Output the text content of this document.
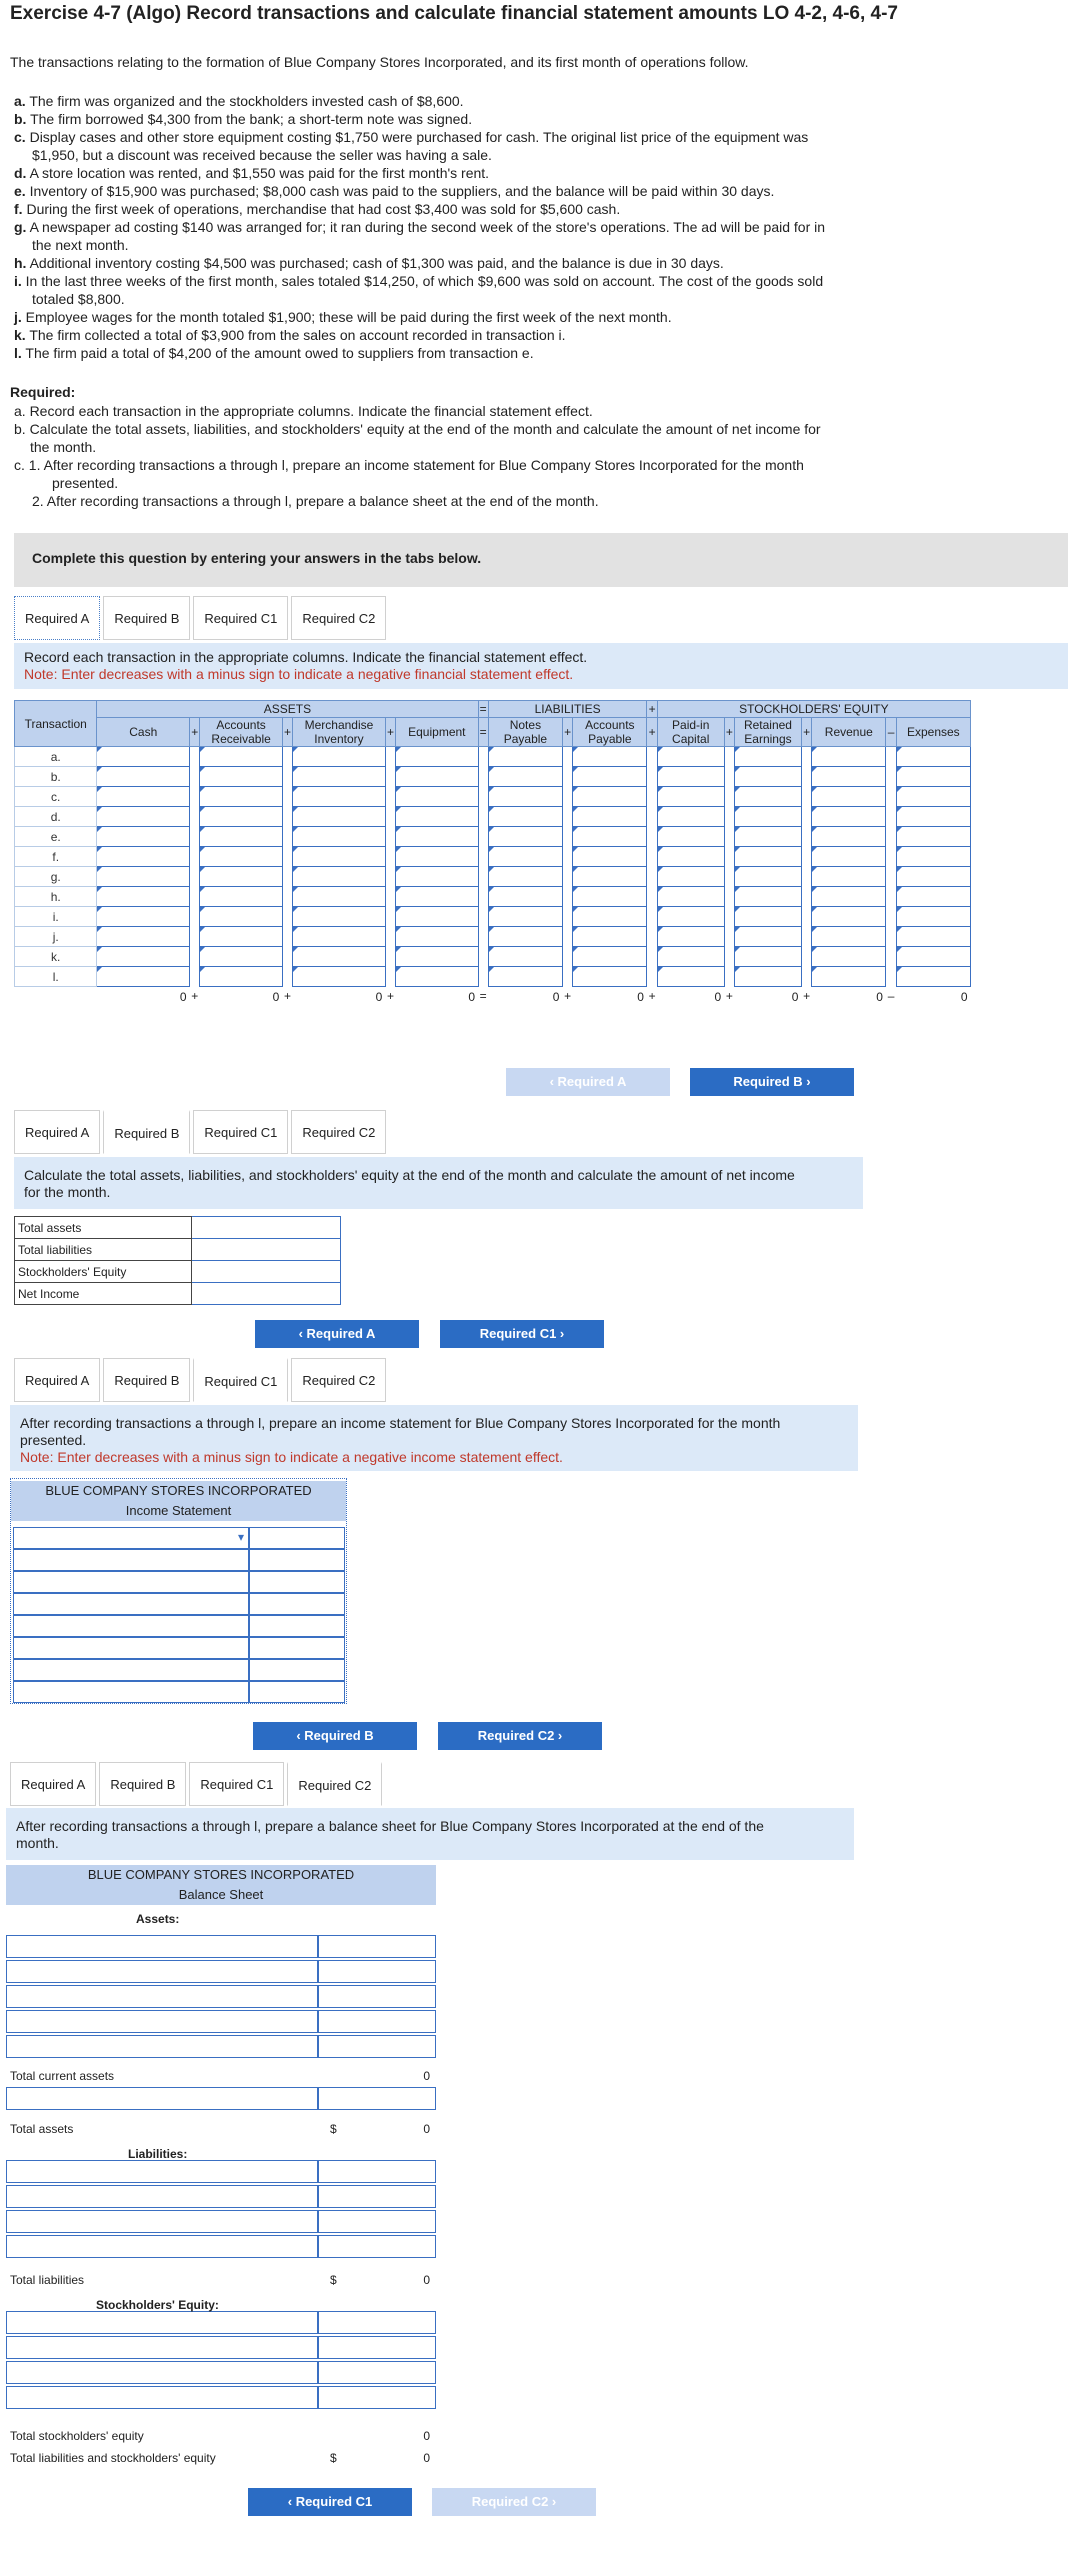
Exercise 4-7 (Algo) Record transactions and calculate financial statement amounts LO 4-2, 4-6, 4-7
The transactions relating to the formation of Blue Company Stores Incorporated, and its first month of operations follow.
a. The firm was organized and the stockholders invested cash of $8,600.
b. The firm borrowed $4,300 from the bank; a short-term note was signed.
c. Display cases and other store equipment costing $1,750 were purchased for cash. The original list price of the equipment was
$1,950, but a discount was received because the seller was having a sale.
d. A store location was rented, and $1,550 was paid for the first month's rent.
e. Inventory of $15,900 was purchased; $8,000 cash was paid to the suppliers, and the balance will be paid within 30 days.
f. During the first week of operations, merchandise that had cost $3,400 was sold for $5,600 cash.
g. A newspaper ad costing $140 was arranged for; it ran during the second week of the store's operations. The ad will be paid for in
the next month.
h. Additional inventory costing $4,500 was purchased; cash of $1,300 was paid, and the balance is due in 30 days.
i. In the last three weeks of the first month, sales totaled $14,250, of which $9,600 was sold on account. The cost of the goods sold
totaled $8,800.
j. Employee wages for the month totaled $1,900; these will be paid during the first week of the next month.
k. The firm collected a total of $3,900 from the sales on account recorded in transaction i.
l. The firm paid a total of $4,200 of the amount owed to suppliers from transaction e.
Required:
a. Record each transaction in the appropriate columns. Indicate the financial statement effect.
b. Calculate the total assets, liabilities, and stockholders' equity at the end of the month and calculate the amount of net income for
the month.
c. 1. After recording transactions a through l, prepare an income statement for Blue Company Stores Incorporated for the month
presented.
2. After recording transactions a through l, prepare a balance sheet at the end of the month.
Complete this question by entering your answers in the tabs below.
Required A	Required B	Required C1	Required C2
Record each transaction in the appropriate columns. Indicate the financial statement effect.
Note: Enter decreases with a minus sign to indicate a negative financial statement effect.
Transaction	ASSETS							=	LIABILITIES			+	STOCKHOLDERS' EQUITY						
	Cash	+	Accounts Receivable	+	Merchandise Inventory	+	Equipment	=	Notes Payable	+	Accounts Payable	+	Paid-in Capital	+	Retained Earnings	+	Revenue	–	Expenses
a.																			
b.																			
c.																			
d.																			
e.																			
f.																			
g.																			
h.																			
i.																			
j.																			
k.																			
l.																			
	0	+	0	+	0	+	0	=	0	+	0	+	0	+	0	+	0	–	0
‹ Required A	Required B ›
Required A	Required B	Required C1	Required C2
Calculate the total assets, liabilities, and stockholders' equity at the end of the month and calculate the amount of net income
for the month.
Total assets	
Total liabilities	
Stockholders' Equity	
Net Income	
‹ Required A	Required C1 ›
Required A	Required B	Required C1	Required C2
After recording transactions a through l, prepare an income statement for Blue Company Stores Incorporated for the month
presented.
Note: Enter decreases with a minus sign to indicate a negative income statement effect.
BLUE COMPANY STORES INCORPORATED
Income Statement
▾
‹ Required B	Required C2 ›
Required A	Required B	Required C1	Required C2
After recording transactions a through l, prepare a balance sheet for Blue Company Stores Incorporated at the end of the
month.
BLUE COMPANY STORES INCORPORATED
Balance Sheet
Assets:
Total current assets	0
Total assets	$	0
Liabilities:
Total liabilities	$	0
Stockholders' Equity:
Total stockholders' equity	0
Total liabilities and stockholders' equity	$	0
‹ Required C1	Required C2 ›
